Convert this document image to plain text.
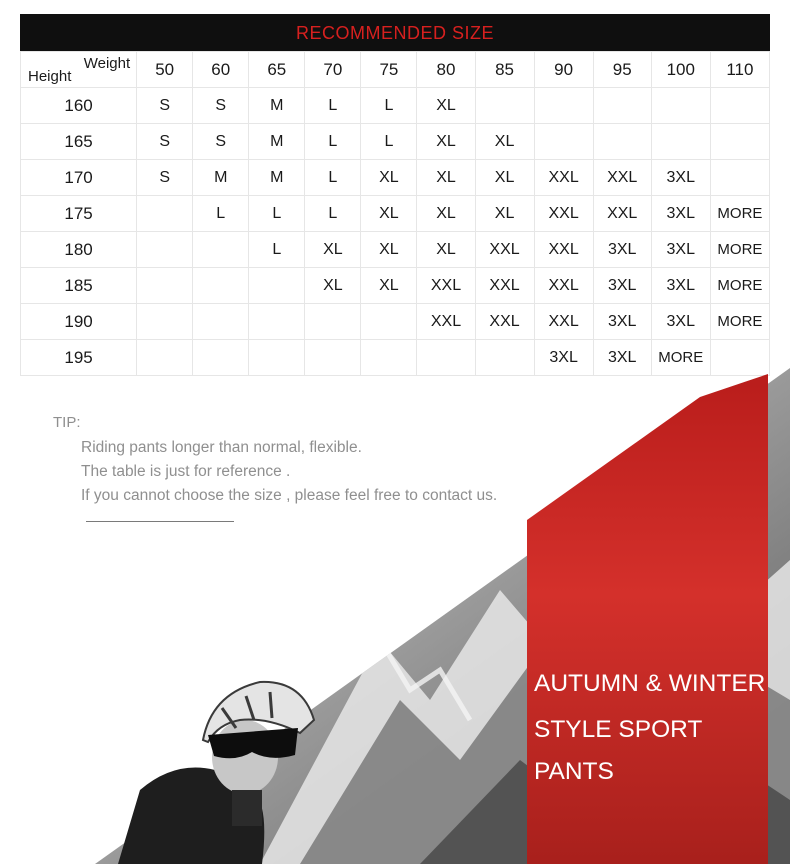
RECOMMENDED SIZE
Weight
Height	50	60	65	70	75	80	85	90	95	100	110
160	S	S	M	L	L	XL					
165	S	S	M	L	L	XL	XL				
170	S	M	M	L	XL	XL	XL	XXL	XXL	3XL	
175		L	L	L	XL	XL	XL	XXL	XXL	3XL	MORE
180			L	XL	XL	XL	XXL	XXL	3XL	3XL	MORE
185				XL	XL	XXL	XXL	XXL	3XL	3XL	MORE
190						XXL	XXL	XXL	3XL	3XL	MORE
195								3XL	3XL	MORE	
TIP:
Riding pants longer than normal, flexible.
The table is just for reference .
If you cannot choose the size , please feel free to contact us.
AUTUMN & WINTER
STYLE SPORT
PANTS
